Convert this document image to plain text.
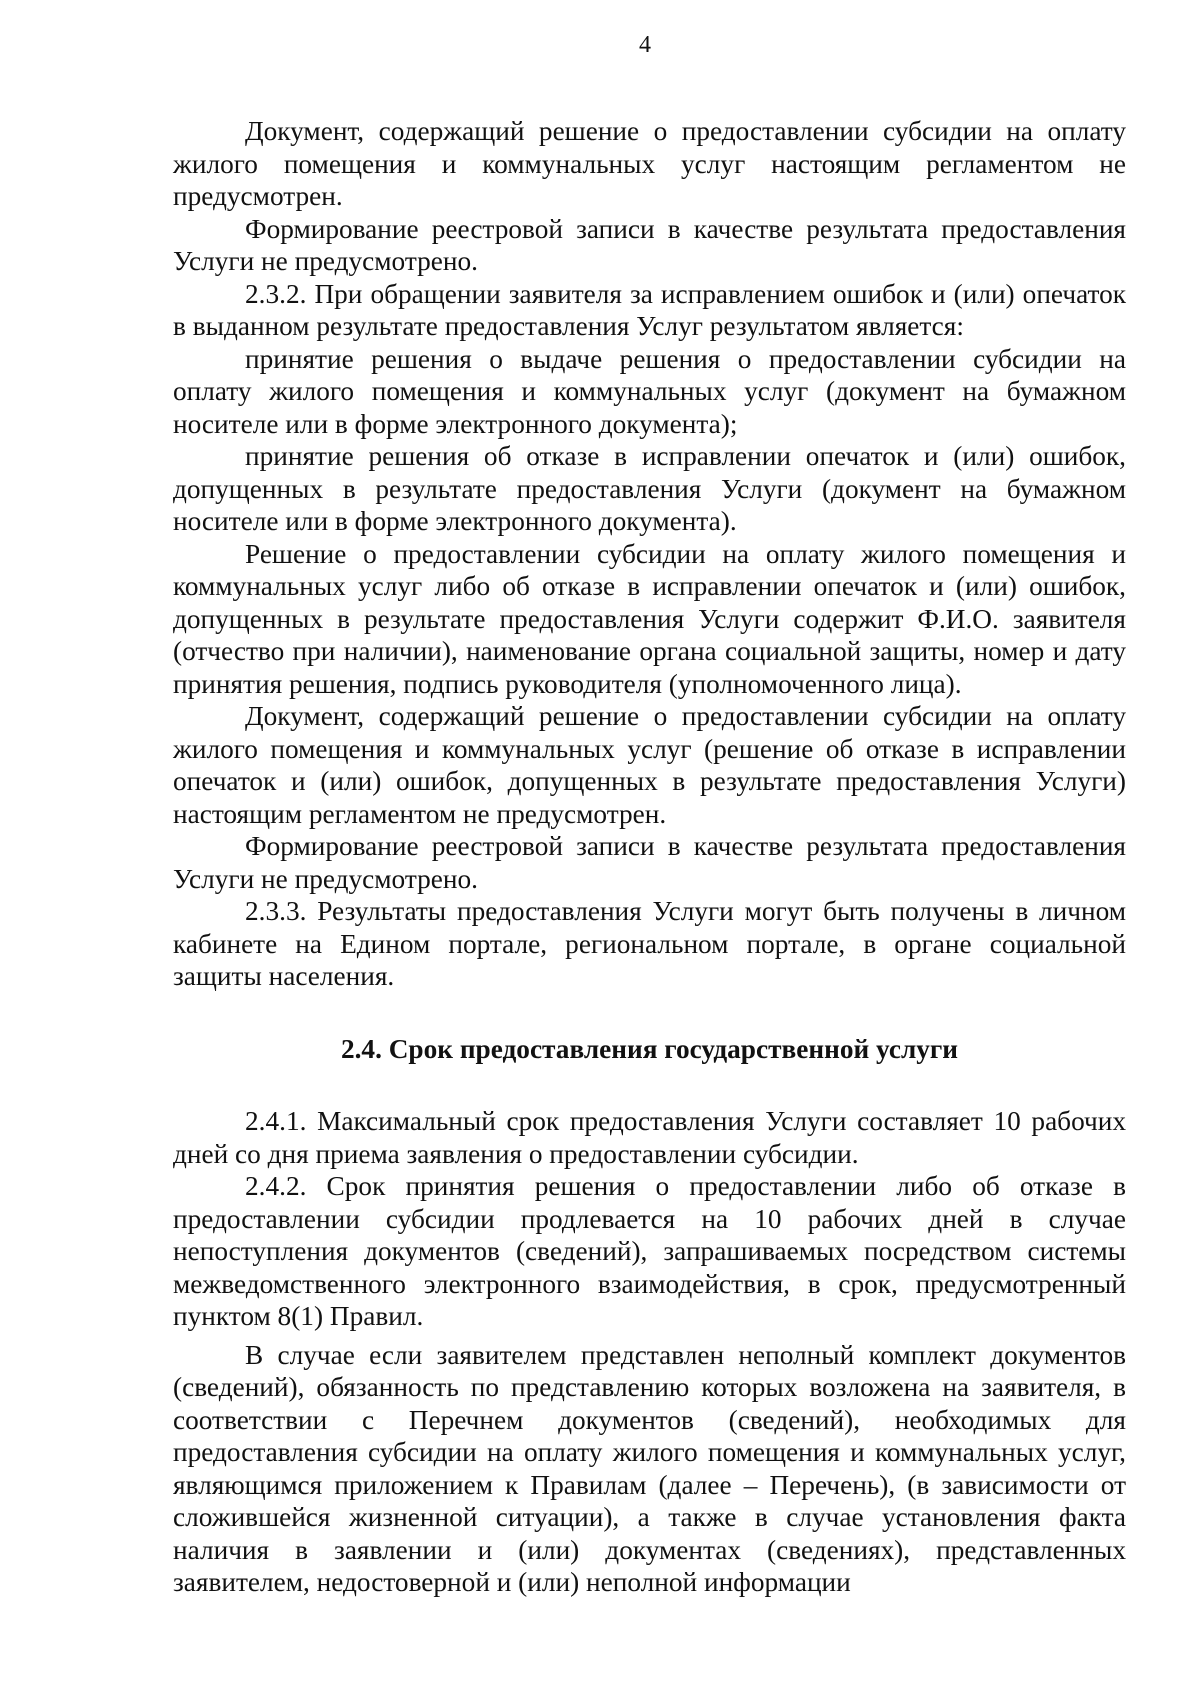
4

Документ, содержащий решение о предоставлении субсидии на оплату жилого помещения и коммунальных услуг настоящим регламентом не предусмотрен.

Формирование реестровой записи в качестве результата предоставления Услуги не предусмотрено.

2.3.2. При обращении заявителя за исправлением ошибок и (или) опечаток в выданном результате предоставления Услуг результатом является:

принятие решения о выдаче решения о предоставлении субсидии на оплату жилого помещения и коммунальных услуг (документ на бумажном носителе или в форме электронного документа);

принятие решения об отказе в исправлении опечаток и (или) ошибок, допущенных в результате предоставления Услуги (документ на бумажном носителе или в форме электронного документа).

Решение о предоставлении субсидии на оплату жилого помещения и коммунальных услуг либо об отказе в исправлении опечаток и (или) ошибок, допущенных в результате предоставления Услуги содержит Ф.И.О. заявителя (отчество при наличии), наименование органа социальной защиты, номер и дату принятия решения, подпись руководителя (уполномоченного лица).

Документ, содержащий решение о предоставлении субсидии на оплату жилого помещения и коммунальных услуг (решение об отказе в исправлении опечаток и (или) ошибок, допущенных в результате предоставления Услуги) настоящим регламентом не предусмотрен.

Формирование реестровой записи в качестве результата предоставления Услуги не предусмотрено.

2.3.3. Результаты предоставления Услуги могут быть получены в личном кабинете на Едином портале, региональном портале, в органе социальной защиты населения.

2.4. Срок предоставления государственной услуги

2.4.1. Максимальный срок предоставления Услуги составляет 10 рабочих дней со дня приема заявления о предоставлении субсидии.

2.4.2. Срок принятия решения о предоставлении либо об отказе в предоставлении субсидии продлевается на 10 рабочих дней в случае непоступления документов (сведений), запрашиваемых посредством системы межведомственного электронного взаимодействия, в срок, предусмотренный пунктом 8(1) Правил.

В случае если заявителем представлен неполный комплект документов (сведений), обязанность по представлению которых возложена на заявителя, в соответствии с Перечнем документов (сведений), необходимых для предоставления субсидии на оплату жилого помещения и коммунальных услуг, являющимся приложением к Правилам (далее – Перечень), (в зависимости от сложившейся жизненной ситуации), а также в случае установления факта наличия в заявлении и (или) документах (сведениях), представленных заявителем, недостоверной и (или) неполной информации
